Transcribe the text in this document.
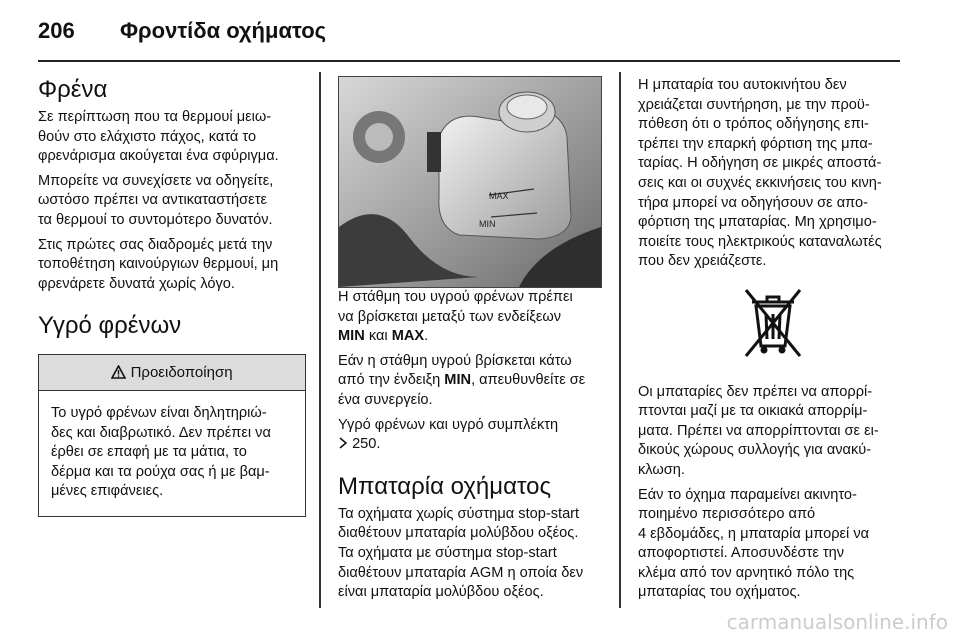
206 Φροντίδα οχήματος
Φρένα

Σε περίπτωση που τα θερμουί μειω-
θούν στο ελάχιστο πάχος, κατά το
φρενάρισμα ακούγεται ένα σφύριγμα.

Μπορείτε να συνεχίσετε να οδηγείτε,
ωστόσο πρέπει να αντικαταστήσετε
τα θερμουί το συντομότερο δυνατόν.

Στις πρώτες σας διαδρομές μετά την
τοποθέτηση καινούργιων θερμουί, μη
φρενάρετε δυνατά χωρίς λόγο.

Υγρό φρένων
Προειδοποίηση
Το υγρό φρένων είναι δηλητηριώ-
δες και διαβρωτικό. Δεν πρέπει να
έρθει σε επαφή με τα μάτια, το
δέρμα και τα ρούχα σας ή με βαμ-
μένες επιφάνειες.
MAX
MIN

Η στάθμη του υγρού φρένων πρέπει
να βρίσκεται μεταξύ των ενδείξεων
MIN και MAX.

Εάν η στάθμη υγρού βρίσκεται κάτω
από την ένδειξη MIN, απευθυνθείτε σε
ένα συνεργείο.

Υγρό φρένων και υγρό συμπλέκτη
250.

Μπαταρία οχήματος

Τα οχήματα χωρίς σύστημα stop-start
διαθέτουν μπαταρία μολύβδου οξέος.
Τα οχήματα με σύστημα stop-start
διαθέτουν μπαταρία AGM η οποία δεν
είναι μπαταρία μολύβδου οξέος.

Η μπαταρία του αυτοκινήτου δεν
χρειάζεται συντήρηση, με την προϋ-
πόθεση ότι ο τρόπος οδήγησης επι-
τρέπει την επαρκή φόρτιση της μπα-
ταρίας. Η οδήγηση σε μικρές αποστά-
σεις και οι συχνές εκκινήσεις του κινη-
τήρα μπορεί να οδηγήσουν σε απο-
φόρτιση της μπαταρίας. Μη χρησιμο-
ποιείτε τους ηλεκτρικούς καταναλωτές
που δεν χρειάζεστε.

Οι μπαταρίες δεν πρέπει να απορρί-
πτονται μαζί με τα οικιακά απορρίμ-
ματα. Πρέπει να απορρίπτονται σε ει-
δικούς χώρους συλλογής για ανακύ-
κλωση.

Εάν το όχημα παραμείνει ακινητο-
ποιημένο περισσότερο από
4 εβδομάδες, η μπαταρία μπορεί να
αποφορτιστεί. Αποσυνδέστε την
κλέμα από τον αρνητικό πόλο της
μπαταρίας του οχήματος.

carmanualsonline.info
